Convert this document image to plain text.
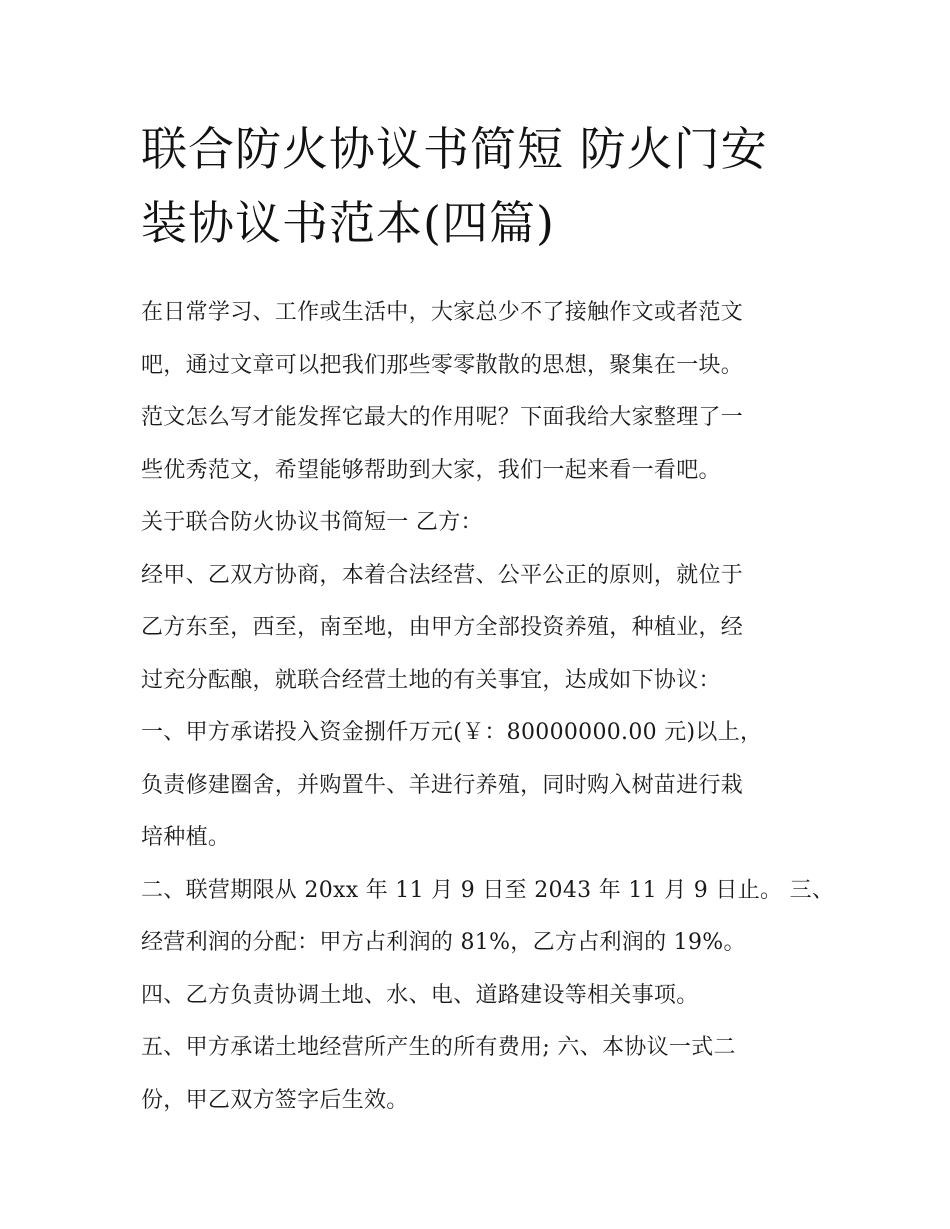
联合防火协议书简短 防火门安
装协议书范本(四篇)
在日常学习、工作或生活中，大家总少不了接触作文或者范文
吧，通过文章可以把我们那些零零散散的思想，聚集在一块。
范文怎么写才能发挥它最大的作用呢？下面我给大家整理了一
些优秀范文，希望能够帮助到大家，我们一起来看一看吧。
关于联合防火协议书简短一 乙方：
经甲、乙双方协商，本着合法经营、公平公正的原则，就位于
乙方东至，西至，南至地，由甲方全部投资养殖，种植业，经
过充分酝酿，就联合经营土地的有关事宜，达成如下协议：
一、甲方承诺投入资金捌仟万元(￥：80000000.00 元)以上，
负责修建圈舍，并购置牛、羊进行养殖，同时购入树苗进行栽
培种植。
二、联营期限从 20xx 年 11 月 9 日至 2043 年 11 月 9 日止。 三、
经营利润的分配：甲方占利润的 81%，乙方占利润的 19%。
四、乙方负责协调土地、水、电、道路建设等相关事项。
五、甲方承诺土地经营所产生的所有费用; 六、本协议一式二
份，甲乙双方签字后生效。
